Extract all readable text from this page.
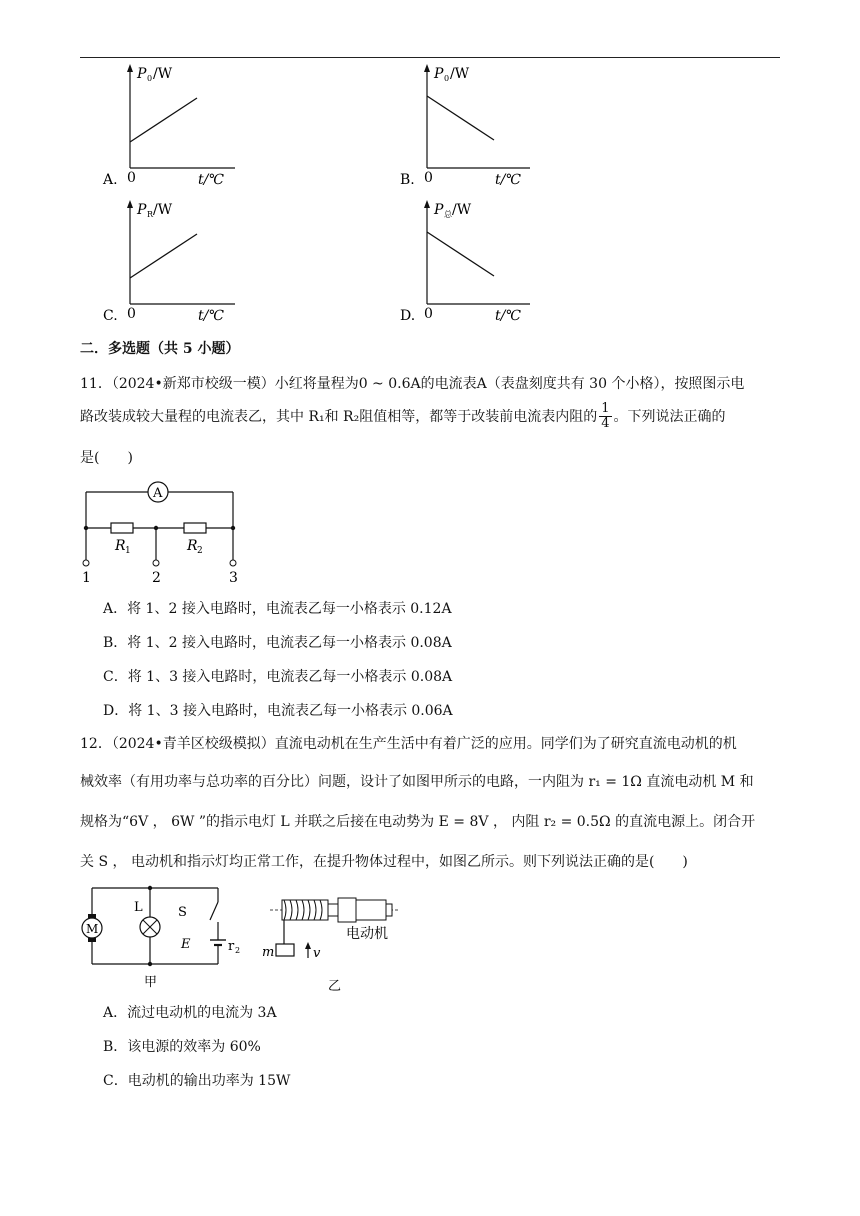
P 0 /W
0	t/℃
A.
P 0 /W
0	t/℃
B.
P R /W
0	t/℃
C.
P 总 /W
0	t/℃
D.
二．多选题（共 5 小题）
11．（2024•新郑市校级一模）小红将量程为0 ~ 0.6A的电流表A（表盘刻度共有 30 个小格），按照图示电
路改装成较大量程的电流表乙，其中 R₁和 R₂阻值相等，都等于改装前电流表内阻的 $\frac{1}{4}$ 。下列说法正确的
是(　　)
A
R 1	R 2
1	2	3
A．将 1、2 接入电路时，电流表乙每一小格表示 0.12A
B．将 1、2 接入电路时，电流表乙每一小格表示 0.08A
C．将 1、3 接入电路时，电流表乙每一小格表示 0.08A
D．将 1、3 接入电路时，电流表乙每一小格表示 0.06A
12．（2024•青羊区校级模拟）直流电动机在生产生活中有着广泛的应用。同学们为了研究直流电动机的机
械效率（有用功率与总功率的百分比）问题，设计了如图甲所示的电路，一内阻为 r₁ = 1Ω 直流电动机 M 和
规格为“6V ， 6W ”的指示电灯 L 并联之后接在电动势为 E = 8V ， 内阻 r₂ = 0.5Ω 的直流电源上。闭合开
关 S ， 电动机和指示灯均正常工作，在提升物体过程中，如图乙所示。则下列说法正确的是(　　)
M
L	S
E	r 2
甲
m	v
电动机
乙
A．流过电动机的电流为 3A
B．该电源的效率为 60%
C．电动机的输出功率为 15W
